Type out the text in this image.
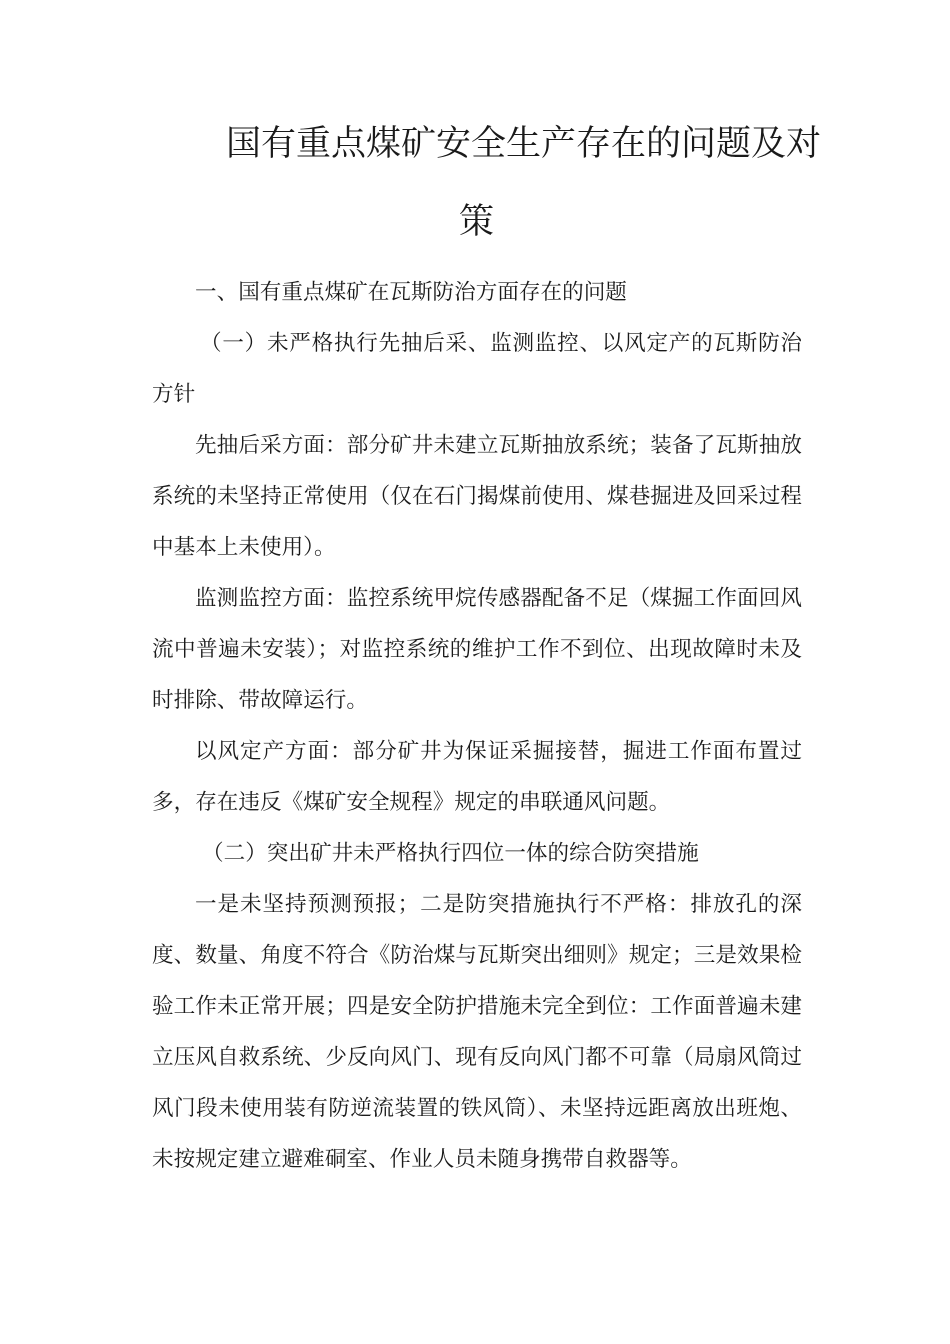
国有重点煤矿安全生产存在的问题及对
策
一、国有重点煤矿在瓦斯防治方面存在的问题
（一）未严格执行先抽后采、监测监控、以风定产的瓦斯防治方针
先抽后采方面：部分矿井未建立瓦斯抽放系统；装备了瓦斯抽放系统的未坚持正常使用（仅在石门揭煤前使用、煤巷掘进及回采过程中基本上未使用）。
监测监控方面：监控系统甲烷传感器配备不足（煤掘工作面回风流中普遍未安装）；对监控系统的维护工作不到位、出现故障时未及时排除、带故障运行。
以风定产方面：部分矿井为保证采掘接替，掘进工作面布置过多，存在违反《煤矿安全规程》规定的串联通风问题。
（二）突出矿井未严格执行四位一体的综合防突措施
一是未坚持预测预报；二是防突措施执行不严格：排放孔的深度、数量、角度不符合《防治煤与瓦斯突出细则》规定；三是效果检验工作未正常开展；四是安全防护措施未完全到位：工作面普遍未建立压风自救系统、少反向风门、现有反向风门都不可靠（局扇风筒过风门段未使用装有防逆流装置的铁风筒）、未坚持远距离放出班炮、未按规定建立避难硐室、作业人员未随身携带自救器等。
